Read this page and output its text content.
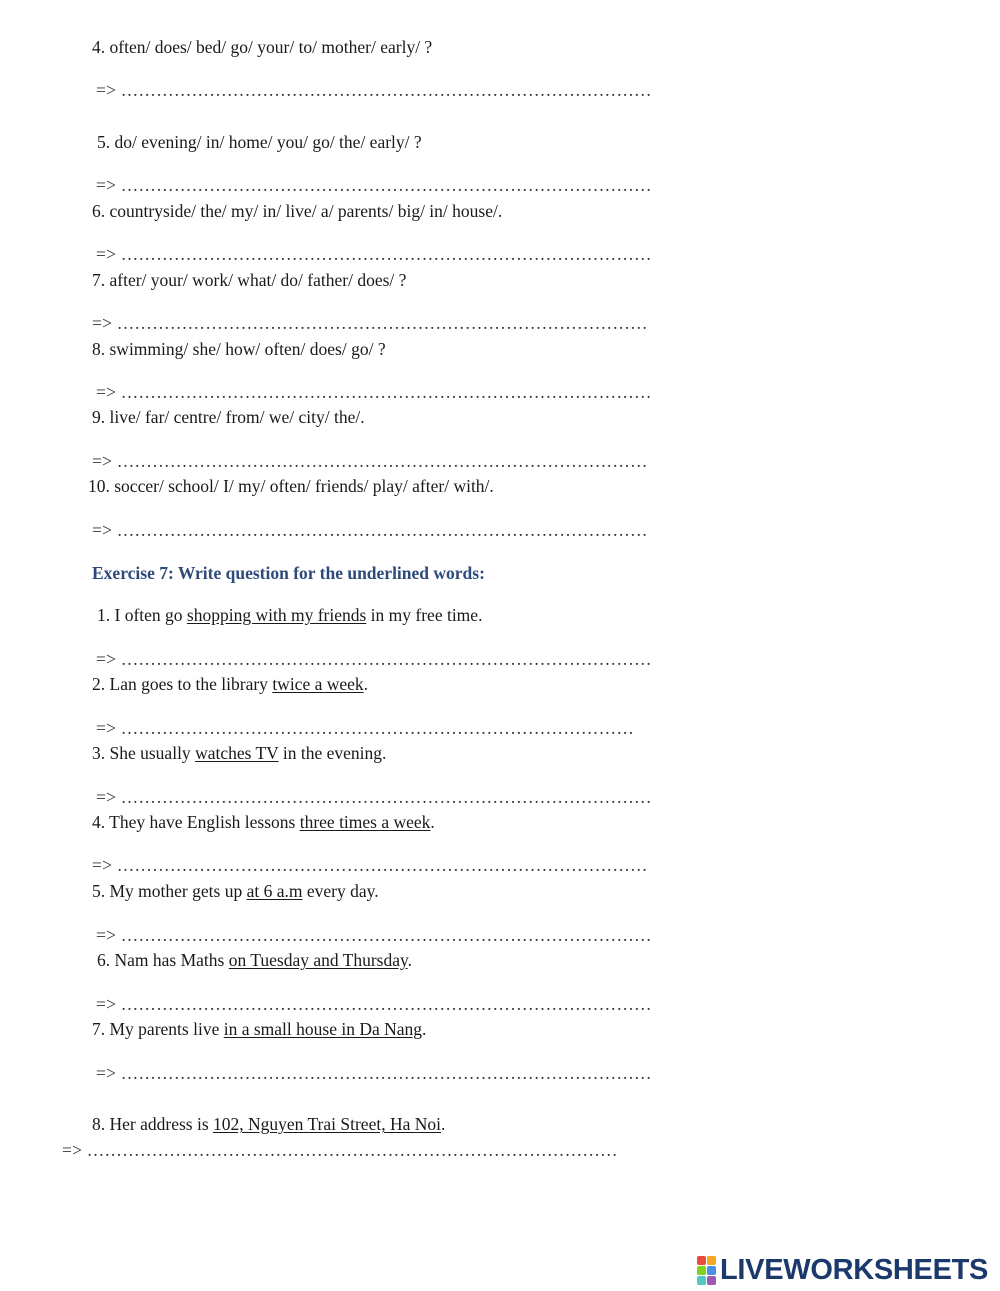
4. often/ does/ bed/ go/ your/ to/ mother/ early/ ?
=> ………………………………………………………………………………
5. do/ evening/ in/ home/ you/ go/ the/ early/ ?
=> ………………………………………………………………………………
6. countryside/ the/ my/ in/ live/ a/ parents/ big/ in/ house/.
=> ………………………………………………………………………………
7. after/ your/ work/ what/ do/ father/ does/ ?
=> ………………………………………………………………………………
8. swimming/ she/ how/ often/ does/ go/ ?
=> ………………………………………………………………………………
9. live/ far/ centre/ from/ we/ city/ the/.
=> ………………………………………………………………………………
10. soccer/ school/ I/ my/ often/ friends/ play/ after/ with/.
=> ………………………………………………………………………………
Exercise 7: Write question for the underlined words:
1. I often go shopping with my friends in my free time.
=> ………………………………………………………………………………
2. Lan goes to the library twice a week.
=> ……………………………………………………………………………
3. She usually watches TV in the evening.
=> ………………………………………………………………………………
4. They have English lessons three times a week.
=> ………………………………………………………………………………
5. My mother gets up at 6 a.m every day.
=> ………………………………………………………………………………
6. Nam has Maths on Tuesday and Thursday.
=> ………………………………………………………………………………
7. My parents live in a small house in Da Nang.
=> ………………………………………………………………………………
8. Her address is 102, Nguyen Trai Street, Ha Noi.
=> ………………………………………………………………………………
LIVEWORKSHEETS
